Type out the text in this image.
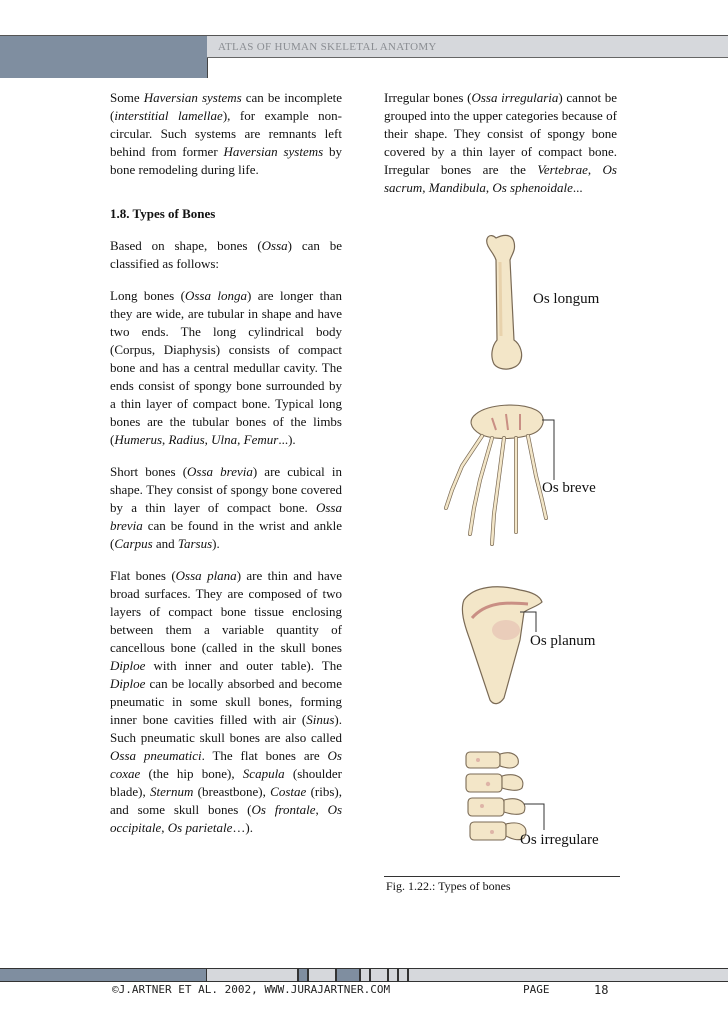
ATLAS OF HUMAN SKELETAL ANATOMY

Some Haversian systems can be incomplete (interstitial lamellae), for example non- circular. Such systems are remnants left behind from former Haversian systems by bone remodeling during life.

1.8. Types of Bones

Based on shape, bones (Ossa) can be classified as follows:

Long bones (Ossa longa) are longer than they are wide, are tubular in shape and have two ends. The long cylindrical body (Corpus, Diaphysis) consists of compact bone and has a central medullar cavity. The ends consist of spongy bone surrounded by a thin layer of compact bone. Typical long bones are the tubular bones of the limbs (Humerus, Radius, Ulna, Femur...).

Short bones (Ossa brevia) are cubical in shape. They consist of spongy bone covered by a thin layer of compact bone. Ossa brevia can be found in the wrist and ankle (Carpus and Tarsus).

Flat bones (Ossa plana) are thin and have broad surfaces. They are composed of two layers of compact bone tissue enclosing between them a variable quantity of cancellous bone (called in the skull bones Diploe with inner and outer table). The Diploe can be locally absorbed and become pneumatic in some skull bones, forming inner bone cavities filled with air (Sinus). Such pneumatic skull bones are also called Ossa pneumatici. The flat bones are Os coxae (the hip bone), Scapula (shoulder blade), Sternum (breastbone), Costae (ribs), and some skull bones (Os frontale, Os occipitale, Os parietale…).

Irregular bones (Ossa irregularia) cannot be grouped into the upper categories because of their shape. They consist of spongy bone covered by a thin layer of compact bone. Irregular bones are the Vertebrae, Os sacrum, Mandibula, Os sphenoidale...

Os longum
Os breve
Os planum
Os irregulare
Fig. 1.22.: Types of bones
©J.ARTNER ET AL. 2002, WWW.JURAJARTNER.COM	PAGE	18
